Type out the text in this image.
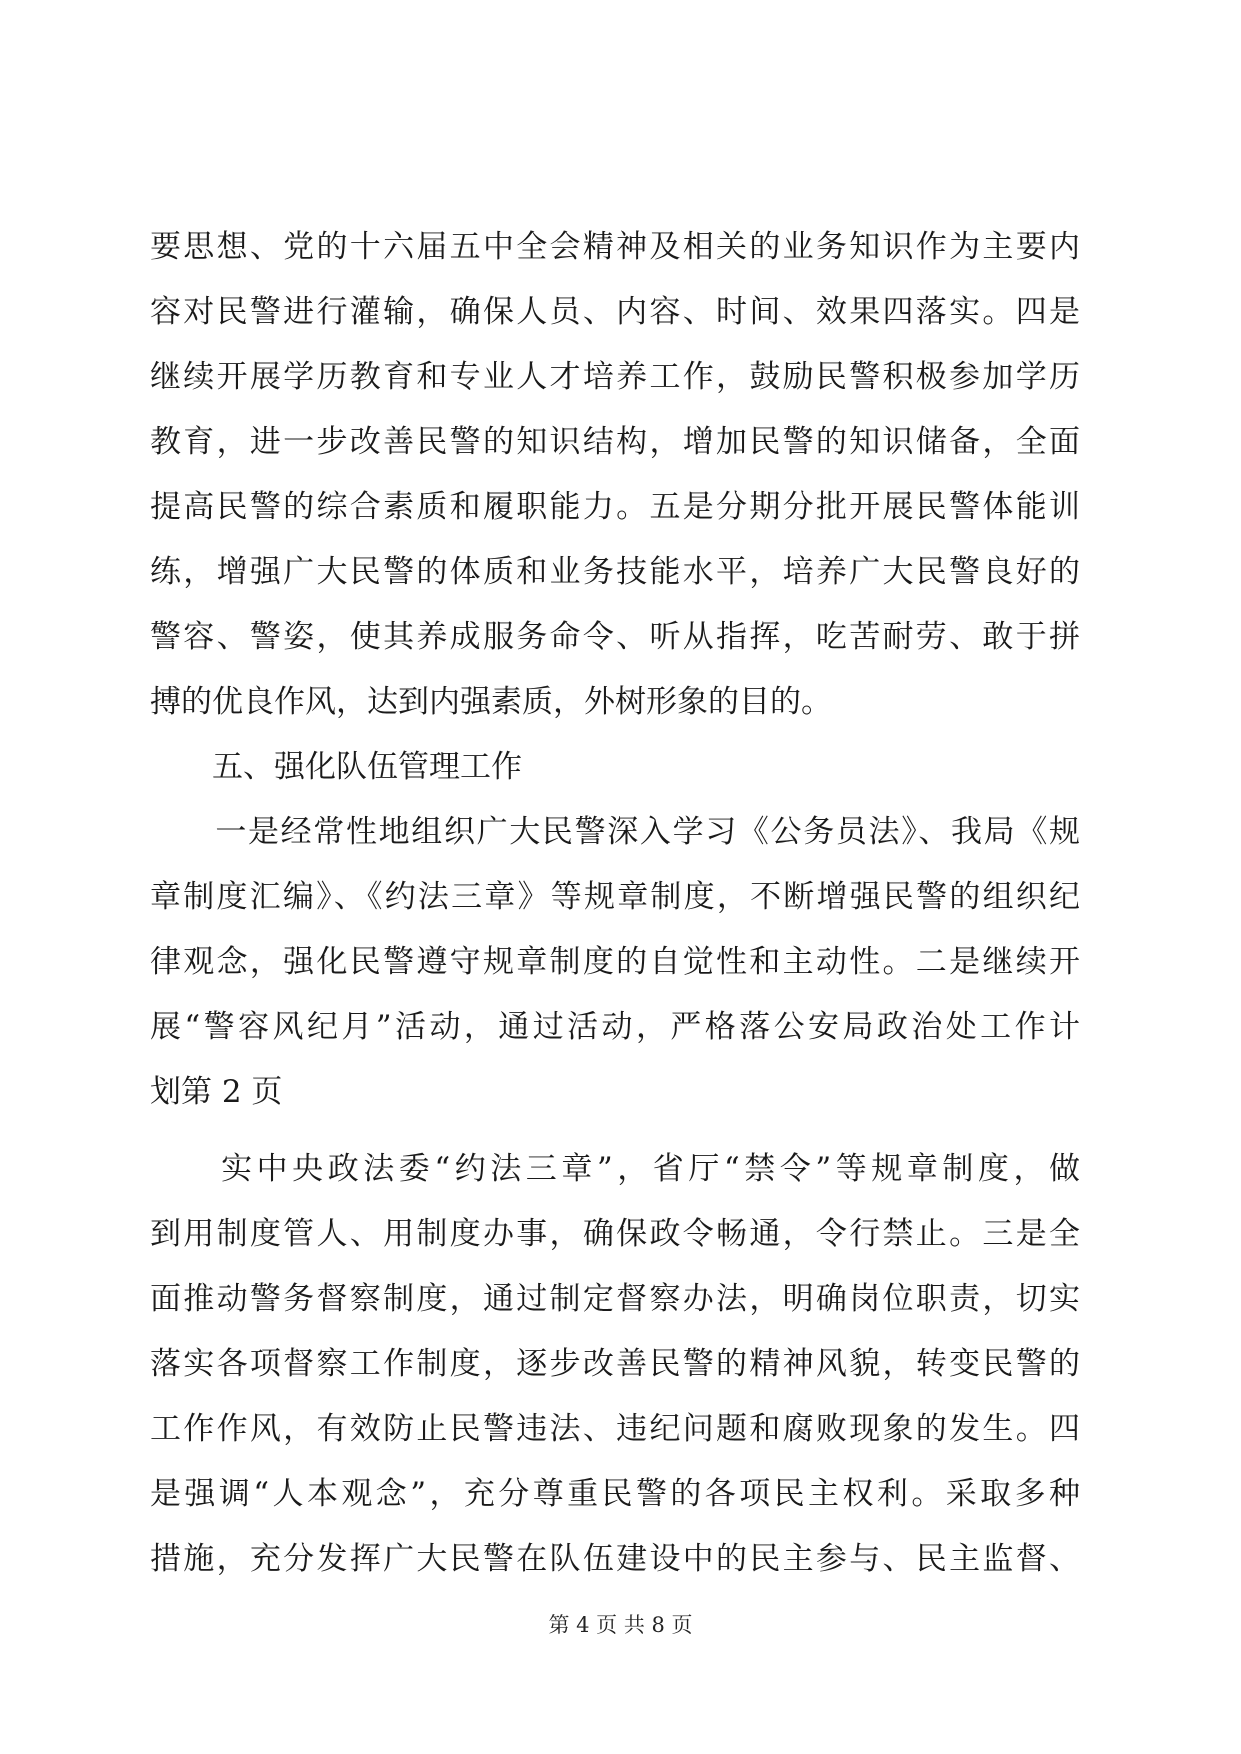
要思想、党的十六届五中全会精神及相关的业务知识作为主要内
容对民警进行灌输，确保人员、内容、时间、效果四落实。四是
继续开展学历教育和专业人才培养工作，鼓励民警积极参加学历
教育，进一步改善民警的知识结构，增加民警的知识储备，全面
提高民警的综合素质和履职能力。五是分期分批开展民警体能训
练，增强广大民警的体质和业务技能水平，培养广大民警良好的
警容、警姿，使其养成服务命令、听从指挥，吃苦耐劳、敢于拼
搏的优良作风，达到内强素质，外树形象的目的。
　　五、强化队伍管理工作
　　一是经常性地组织广大民警深入学习《公务员法》、我局《规
章制度汇编》、《约法三章》等规章制度，不断增强民警的组织纪
律观念，强化民警遵守规章制度的自觉性和主动性。二是继续开
展“警容风纪月”活动，通过活动，严格落公安局政治处工作计
划第 2 页
　　实中央政法委“约法三章”，省厅“禁令”等规章制度，做
到用制度管人、用制度办事，确保政令畅通，令行禁止。三是全
面推动警务督察制度，通过制定督察办法，明确岗位职责，切实
落实各项督察工作制度，逐步改善民警的精神风貌，转变民警的
工作作风，有效防止民警违法、违纪问题和腐败现象的发生。四
是强调“人本观念”，充分尊重民警的各项民主权利。采取多种
措施，充分发挥广大民警在队伍建设中的民主参与、民主监督、
第 4 页 共 8 页
